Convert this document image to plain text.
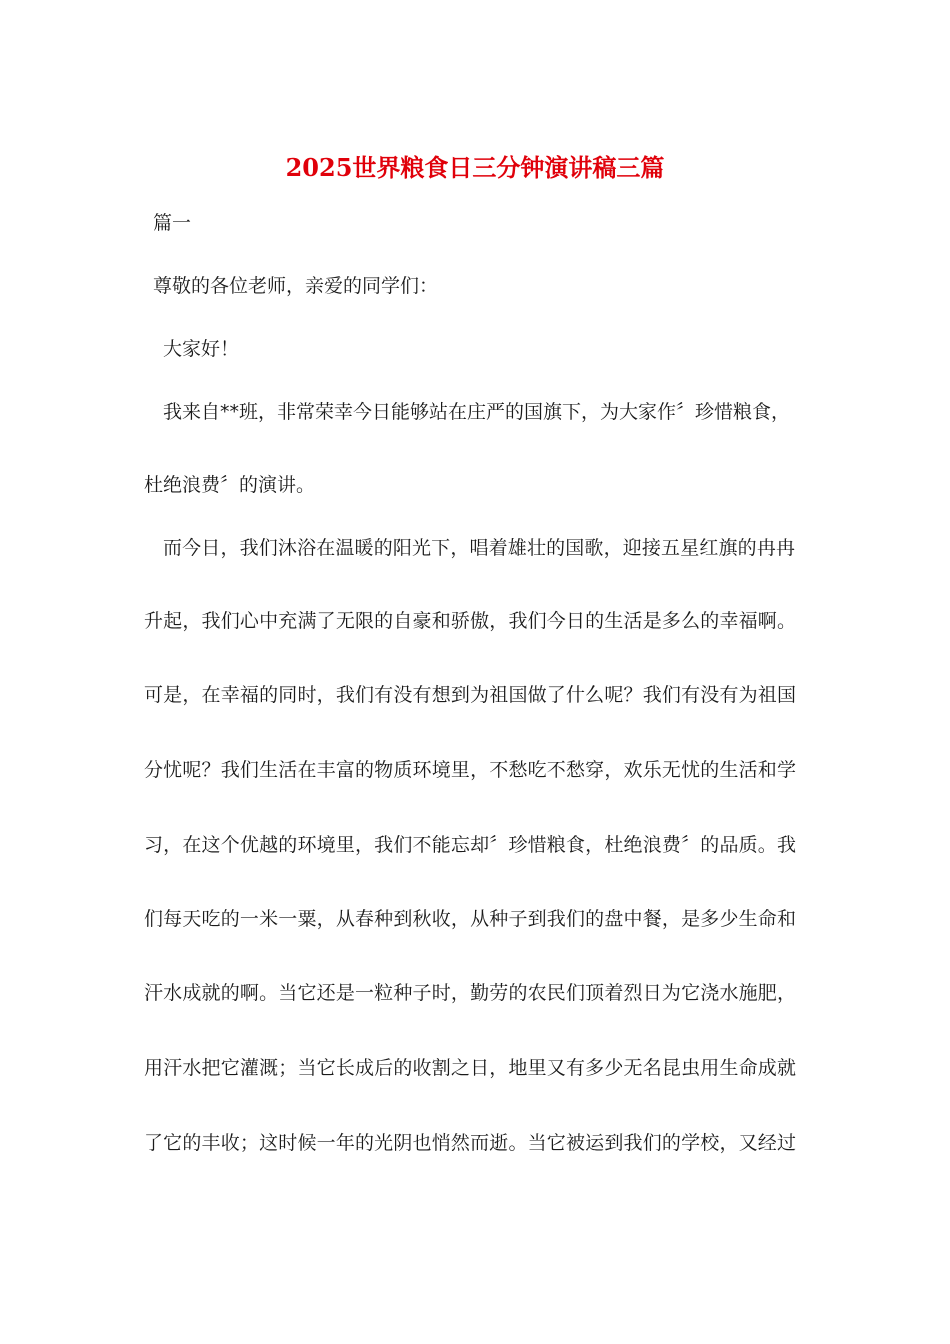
2025世界粮食日三分钟演讲稿三篇

篇一

尊敬的各位老师，亲爱的同学们：

大家好！

我来自**班，非常荣幸今日能够站在庄严的国旗下，为大家作〞珍惜粮食，

杜绝浪费〞的演讲。

而今日，我们沐浴在温暖的阳光下，唱着雄壮的国歌，迎接五星红旗的冉冉

升起，我们心中充满了无限的自豪和骄傲，我们今日的生活是多么的幸福啊。

可是，在幸福的同时，我们有没有想到为祖国做了什么呢？我们有没有为祖国

分忧呢？我们生活在丰富的物质环境里，不愁吃不愁穿，欢乐无忧的生活和学

习，在这个优越的环境里，我们不能忘却〞珍惜粮食，杜绝浪费〞的品质。我

们每天吃的一米一粟，从春种到秋收，从种子到我们的盘中餐，是多少生命和

汗水成就的啊。当它还是一粒种子时，勤劳的农民们顶着烈日为它浇水施肥，

用汗水把它灌溉；当它长成后的收割之日，地里又有多少无名昆虫用生命成就

了它的丰收；这时候一年的光阴也悄然而逝。当它被运到我们的学校，又经过
